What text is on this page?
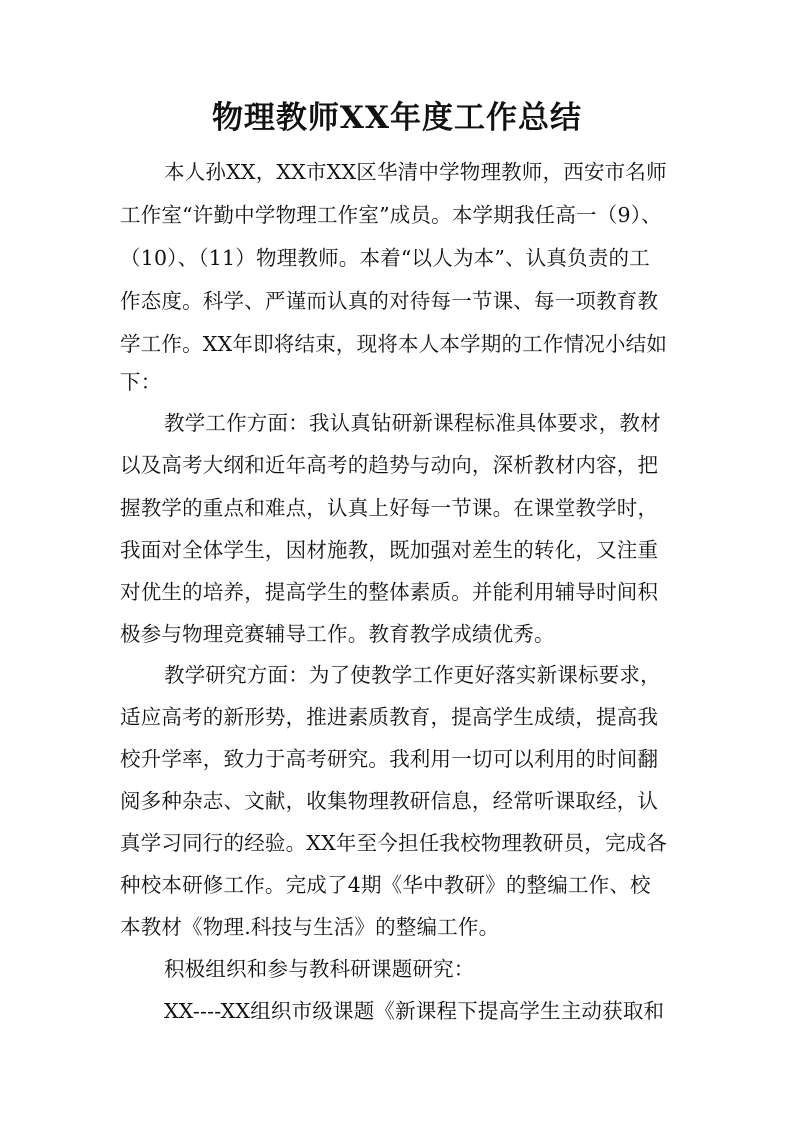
物理教师XX年度工作总结
本人孙XX，XX市XX区华清中学物理教师，西安市名师
工作室“许勤中学物理工作室”成员。本学期我任高一（9）、
（10）、（11）物理教师。本着“以人为本”、认真负责的工
作态度。科学、严谨而认真的对待每一节课、每一项教育教
学工作。XX年即将结束，现将本人本学期的工作情况小结如
下：
教学工作方面：我认真钻研新课程标准具体要求，教材
以及高考大纲和近年高考的趋势与动向，深析教材内容，把
握教学的重点和难点，认真上好每一节课。在课堂教学时，
我面对全体学生，因材施教，既加强对差生的转化，又注重
对优生的培养，提高学生的整体素质。并能利用辅导时间积
极参与物理竞赛辅导工作。教育教学成绩优秀。
教学研究方面：为了使教学工作更好落实新课标要求，
适应高考的新形势，推进素质教育，提高学生成绩，提高我
校升学率，致力于高考研究。我利用一切可以利用的时间翻
阅多种杂志、文献，收集物理教研信息，经常听课取经，认
真学习同行的经验。XX年至今担任我校物理教研员，完成各
种校本研修工作。完成了4期《华中教研》的整编工作、校
本教材《物理.科技与生活》的整编工作。
积极组织和参与教科研课题研究：
XX----XX组织市级课题《新课程下提高学生主动获取和
